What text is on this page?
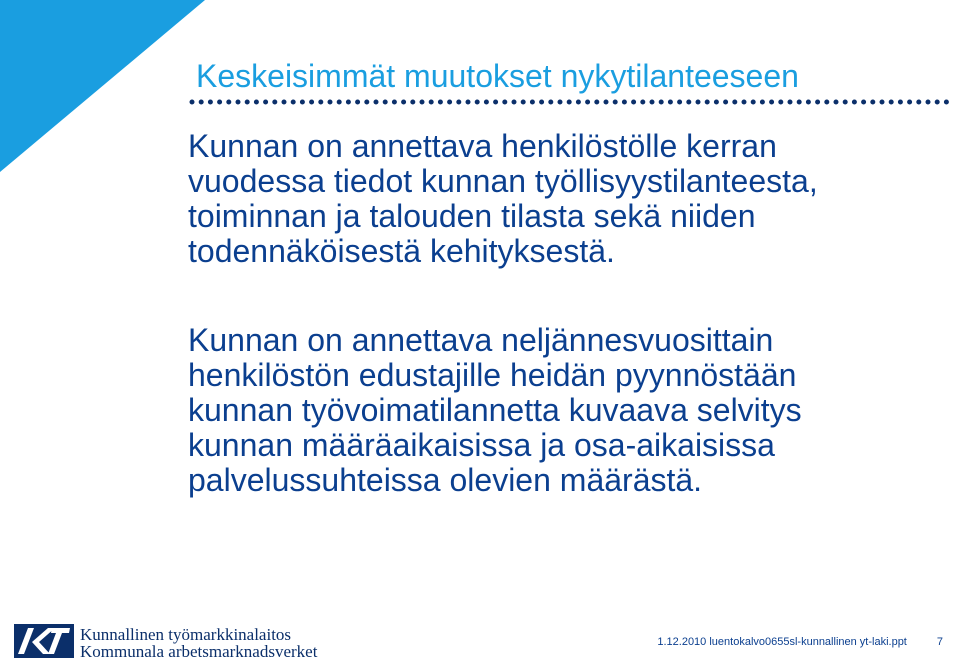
Keskeisimmät muutokset nykytilanteeseen

Kunnan on annettava henkilöstölle kerran
vuodessa tiedot kunnan työllisyystilanteesta,
toiminnan ja talouden tilasta sekä niiden
todennäköisestä kehityksestä.

Kunnan on annettava neljännesvuosittain
henkilöstön edustajille heidän pyynnöstään
kunnan työvoimatilannetta kuvaava selvitys
kunnan määräaikaisissa ja osa-aikaisissa
palvelussuhteissa olevien määrästä.

Kunnallinen työmarkkinalaitos
Kommunala arbetsmarknadsverket	1.12.2010 luentokalvo0655sl-kunnallinen yt-laki.ppt	7
